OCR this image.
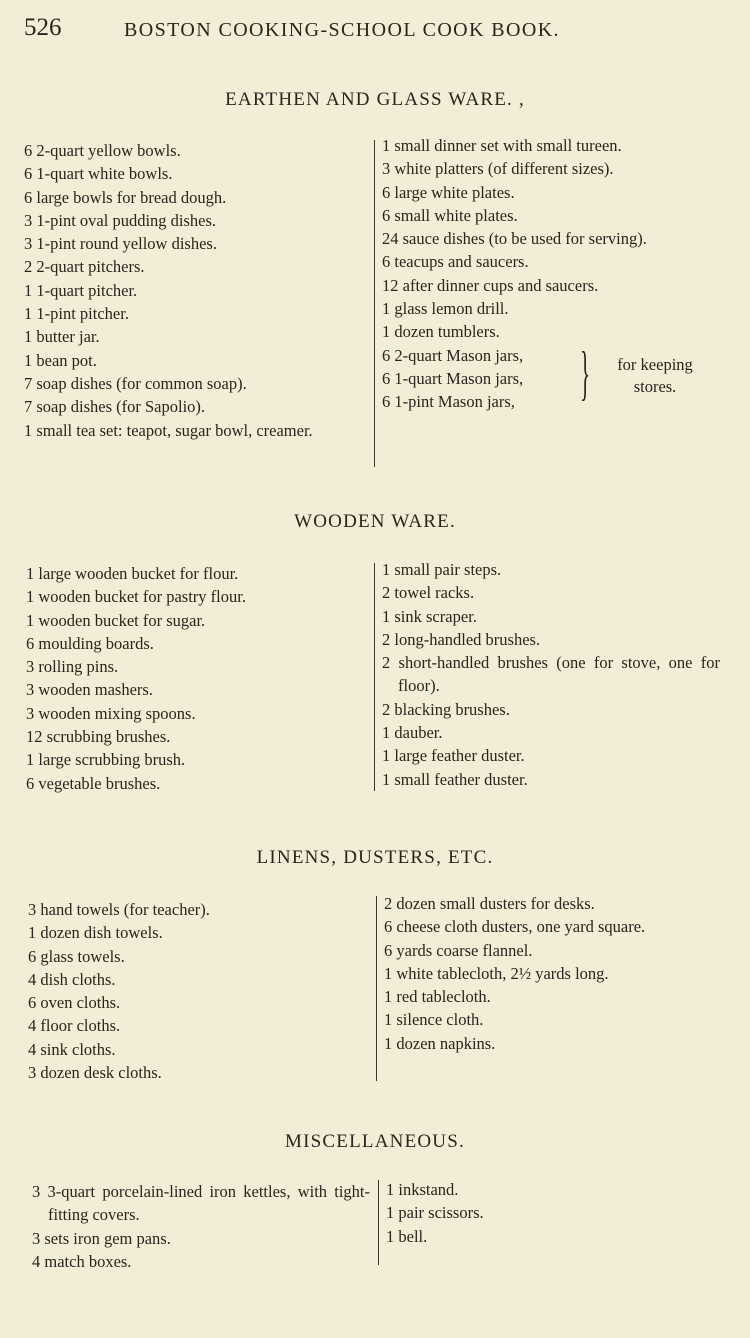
526	BOSTON COOKING-SCHOOL COOK BOOK.
EARTHEN AND GLASS WARE. ,

6 2-quart yellow bowls.

6 1-quart white bowls.

6 large bowls for bread dough.

3 1-pint oval pudding dishes.

3 1-pint round yellow dishes.

2 2-quart pitchers.

1 1-quart pitcher.

1 1-pint pitcher.

1 butter jar.

1 bean pot.

7 soap dishes (for common soap).

7 soap dishes (for Sapolio).

1 small tea set: teapot, sugar bowl, creamer.

1 small dinner set with small tureen.

3 white platters (of different sizes).

6 large white plates.

6 small white plates.

24 sauce dishes (to be used for serving).

6 teacups and saucers.

12 after dinner cups and saucers.

1 glass lemon drill.

1 dozen tumblers.

6 2-quart Mason jars,

6 1-quart Mason jars,

6 1-pint Mason jars,	}	for keeping stores.
WOODEN WARE.

1 large wooden bucket for flour.

1 wooden bucket for pastry flour.

1 wooden bucket for sugar.

6 moulding boards.

3 rolling pins.

3 wooden mashers.

3 wooden mixing spoons.

12 scrubbing brushes.

1 large scrubbing brush.

6 vegetable brushes.

1 small pair steps.

2 towel racks.

1 sink scraper.

2 long-handled brushes.

2 short-handled brushes (one for stove, one for floor).

2 blacking brushes.

1 dauber.

1 large feather duster.

1 small feather duster.

LINENS, DUSTERS, ETC.

3 hand towels (for teacher).

1 dozen dish towels.

6 glass towels.

4 dish cloths.

6 oven cloths.

4 floor cloths.

4 sink cloths.

3 dozen desk cloths.

2 dozen small dusters for desks.

6 cheese cloth dusters, one yard square.

6 yards coarse flannel.

1 white tablecloth, 2½ yards long.

1 red tablecloth.

1 silence cloth.

1 dozen napkins.

MISCELLANEOUS.

3 3-quart porcelain-lined iron kettles, with tight-fitting covers.

3 sets iron gem pans.

4 match boxes.

1 inkstand.

1 pair scissors.

1 bell.
